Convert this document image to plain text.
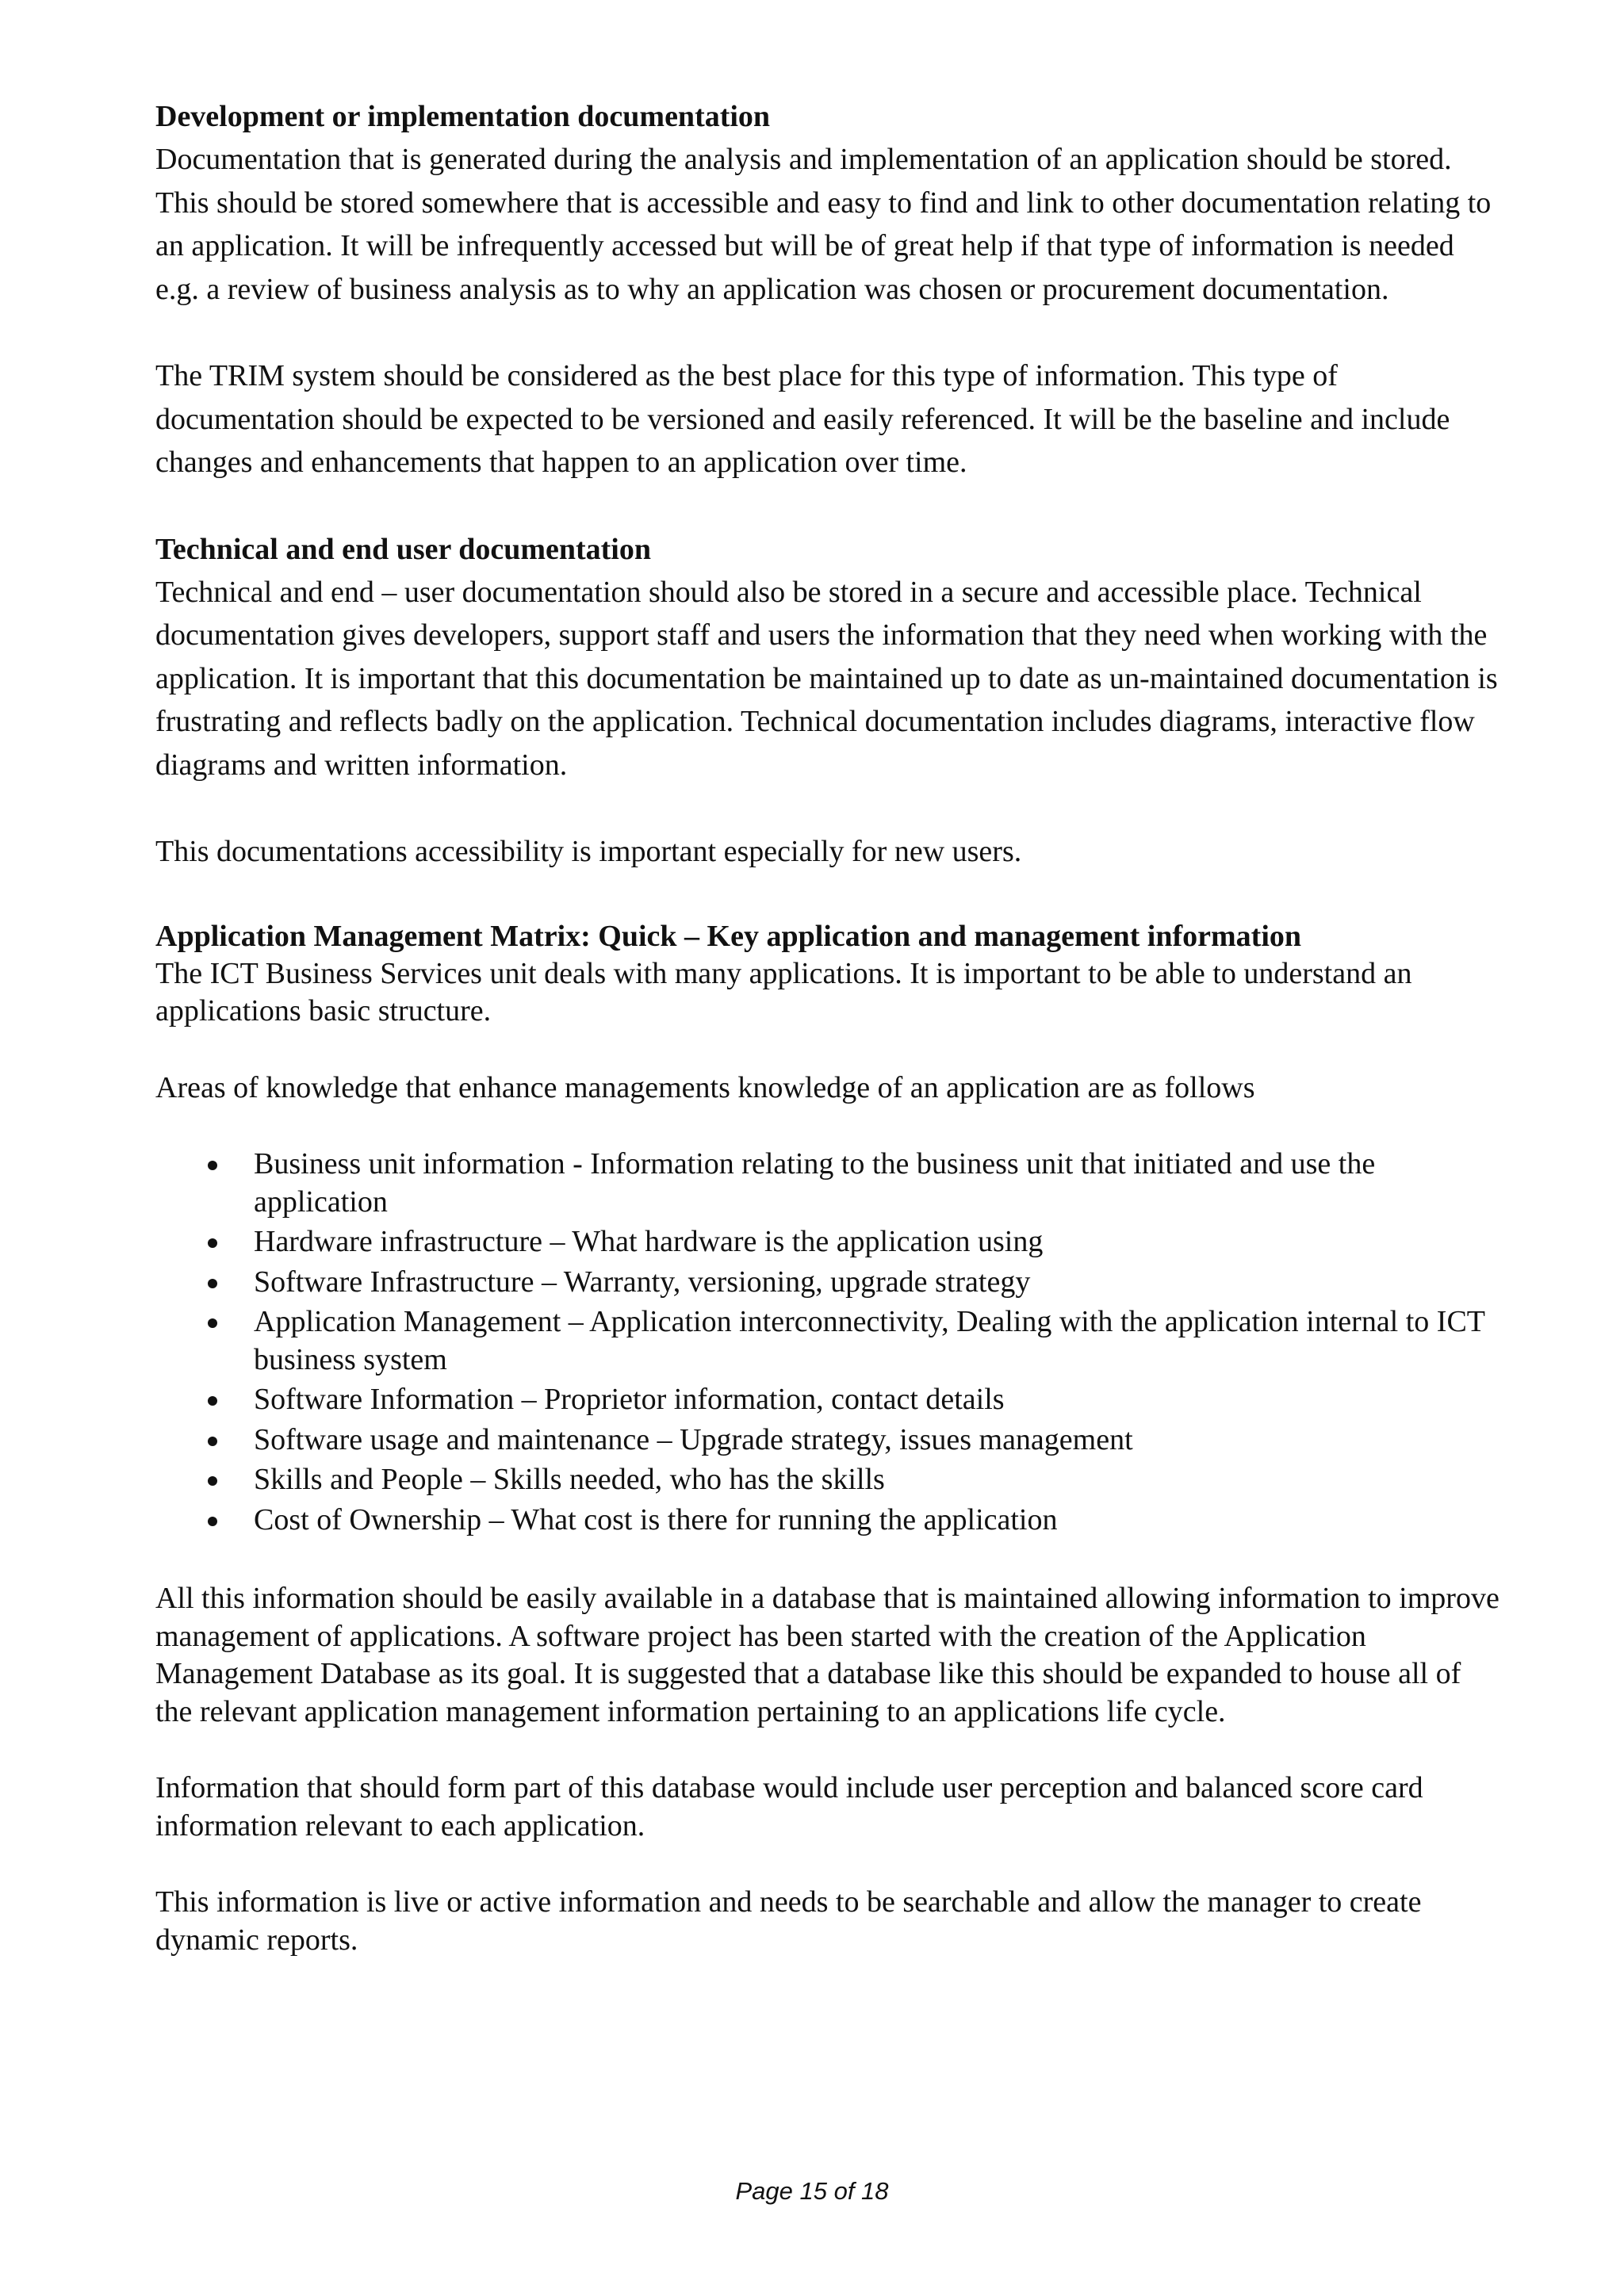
Development or implementation documentation

Documentation that is generated during the analysis and implementation of an application should be stored. This should be stored somewhere that is accessible and easy to find and link to other documentation relating to an application. It will be infrequently accessed but will be of great help if that type of information is needed e.g. a review of business analysis as to why an application was chosen or procurement documentation.

The TRIM system should be considered as the best place for this type of information. This type of documentation should be expected to be versioned and easily referenced. It will be the baseline and include changes and enhancements that happen to an application over time.

Technical and end user documentation

Technical and end – user documentation should also be stored in a secure and accessible place. Technical documentation gives developers, support staff and users the information that they need when working with the application. It is important that this documentation be maintained up to date as un-maintained documentation is frustrating and reflects badly on the application. Technical documentation includes diagrams, interactive flow diagrams and written information.

This documentations accessibility is important especially for new users.

Application Management Matrix: Quick – Key application and management information

The ICT Business Services unit deals with many applications. It is important to be able to understand an applications basic structure.

Areas of knowledge that enhance managements knowledge of an application are as follows

Business unit information - Information relating to the business unit that initiated and use the application
Hardware infrastructure – What hardware is the application using
Software Infrastructure – Warranty, versioning, upgrade strategy
Application Management – Application interconnectivity, Dealing with the application internal to ICT business system
Software Information – Proprietor information, contact details
Software usage and maintenance – Upgrade strategy, issues management
Skills and People – Skills needed, who has the skills
Cost of Ownership – What cost is there for running the application

All this information should be easily available in a database that is maintained allowing information to improve management of applications. A software project has been started with the creation of the Application Management Database as its goal. It is suggested that a database like this should be expanded to house all of the relevant application management information pertaining to an applications life cycle.

Information that should form part of this database would include user perception and balanced score card information relevant to each application.

This information is live or active information and needs to be searchable and allow the manager to create dynamic reports.

Page 15 of 18
